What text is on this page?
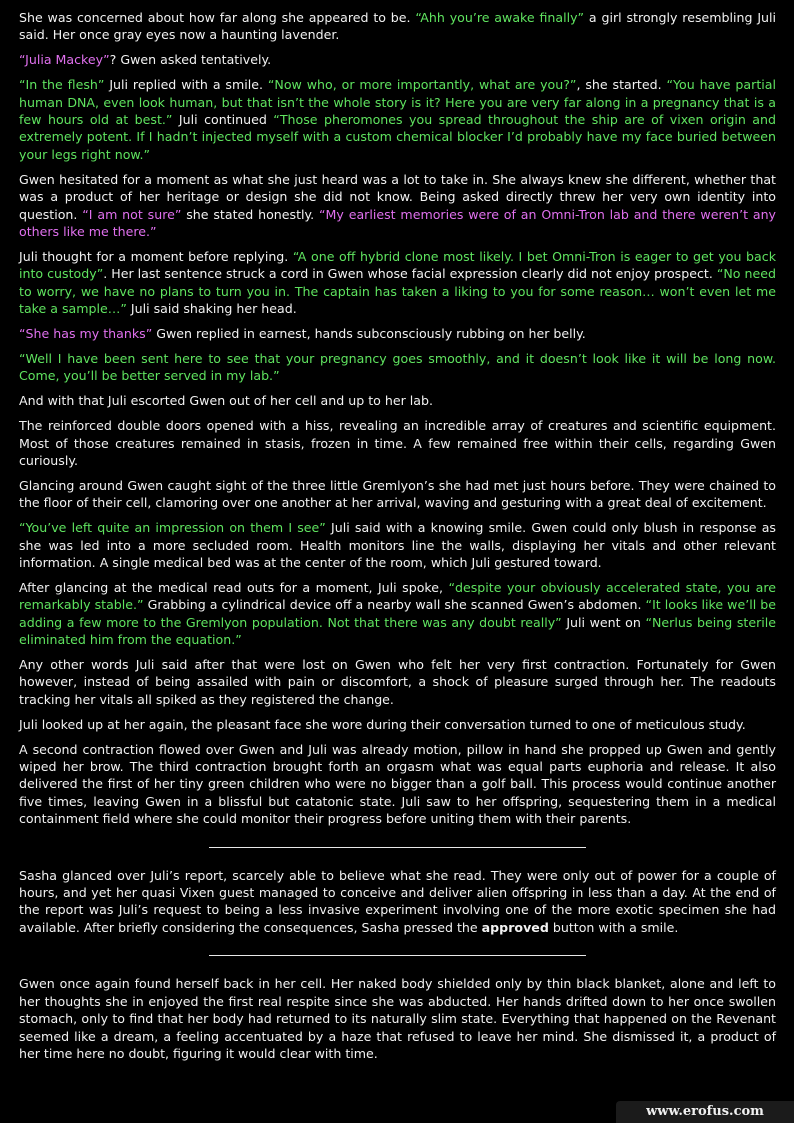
She was concerned about how far along she appeared to be. “Ahh you’re awake finally” a girl strongly resembling Juli said. Her once gray eyes now a haunting lavender.

“Julia Mackey”? Gwen asked tentatively.

“In the flesh” Juli replied with a smile. “Now who, or more importantly, what are you?”, she started. “You have partial human DNA, even look human, but that isn’t the whole story is it? Here you are very far along in a pregnancy that is a few hours old at best.” Juli continued “Those pheromones you spread throughout the ship are of vixen origin and extremely potent. If I hadn’t injected myself with a custom chemical blocker I’d probably have my face buried between your legs right now.”

Gwen hesitated for a moment as what she just heard was a lot to take in. She always knew she different, whether that was a product of her heritage or design she did not know. Being asked directly threw her very own identity into question. “I am not sure” she stated honestly. “My earliest memories were of an Omni-Tron lab and there weren’t any others like me there.”

Juli thought for a moment before replying. “A one off hybrid clone most likely. I bet Omni-Tron is eager to get you back into custody”. Her last sentence struck a cord in Gwen whose facial expression clearly did not enjoy prospect. “No need to worry, we have no plans to turn you in. The captain has taken a liking to you for some reason… won’t even let me take a sample…” Juli said shaking her head.

“She has my thanks” Gwen replied in earnest, hands subconsciously rubbing on her belly.

“Well I have been sent here to see that your pregnancy goes smoothly, and it doesn’t look like it will be long now. Come, you’ll be better served in my lab.”

And with that Juli escorted Gwen out of her cell and up to her lab.

The reinforced double doors opened with a hiss, revealing an incredible array of creatures and scientific equipment. Most of those creatures remained in stasis, frozen in time. A few remained free within their cells, regarding Gwen curiously.

Glancing around Gwen caught sight of the three little Gremlyon’s she had met just hours before. They were chained to the floor of their cell, clamoring over one another at her arrival, waving and gesturing with a great deal of excitement.

“You’ve left quite an impression on them I see” Juli said with a knowing smile. Gwen could only blush in response as she was led into a more secluded room. Health monitors line the walls, displaying her vitals and other relevant information. A single medical bed was at the center of the room, which Juli gestured toward.

After glancing at the medical read outs for a moment, Juli spoke, “despite your obviously accelerated state, you are remarkably stable.” Grabbing a cylindrical device off a nearby wall she scanned Gwen’s abdomen. “It looks like we’ll be adding a few more to the Gremlyon population. Not that there was any doubt really” Juli went on “Nerlus being sterile eliminated him from the equation.”

Any other words Juli said after that were lost on Gwen who felt her very first contraction. Fortunately for Gwen however, instead of being assailed with pain or discomfort, a shock of pleasure surged through her. The readouts tracking her vitals all spiked as they registered the change.

Juli looked up at her again, the pleasant face she wore during their conversation turned to one of meticulous study.

A second contraction flowed over Gwen and Juli was already motion, pillow in hand she propped up Gwen and gently wiped her brow. The third contraction brought forth an orgasm what was equal parts euphoria and release. It also delivered the first of her tiny green children who were no bigger than a golf ball. This process would continue another five times, leaving Gwen in a blissful but catatonic state. Juli saw to her offspring, sequestering them in a medical containment field where she could monitor their progress before uniting them with their parents.

Sasha glanced over Juli’s report, scarcely able to believe what she read. They were only out of power for a couple of hours, and yet her quasi Vixen guest managed to conceive and deliver alien offspring in less than a day. At the end of the report was Juli’s request to being a less invasive experiment involving one of the more exotic specimen she had available. After briefly considering the consequences, Sasha pressed the approved button with a smile.

Gwen once again found herself back in her cell. Her naked body shielded only by thin black blanket, alone and left to her thoughts she in enjoyed the first real respite since she was abducted. Her hands drifted down to her once swollen stomach, only to find that her body had returned to its naturally slim state. Everything that happened on the Revenant seemed like a dream, a feeling accentuated by a haze that refused to leave her mind. She dismissed it, a product of her time here no doubt, figuring it would clear with time.

www.erofus.com
